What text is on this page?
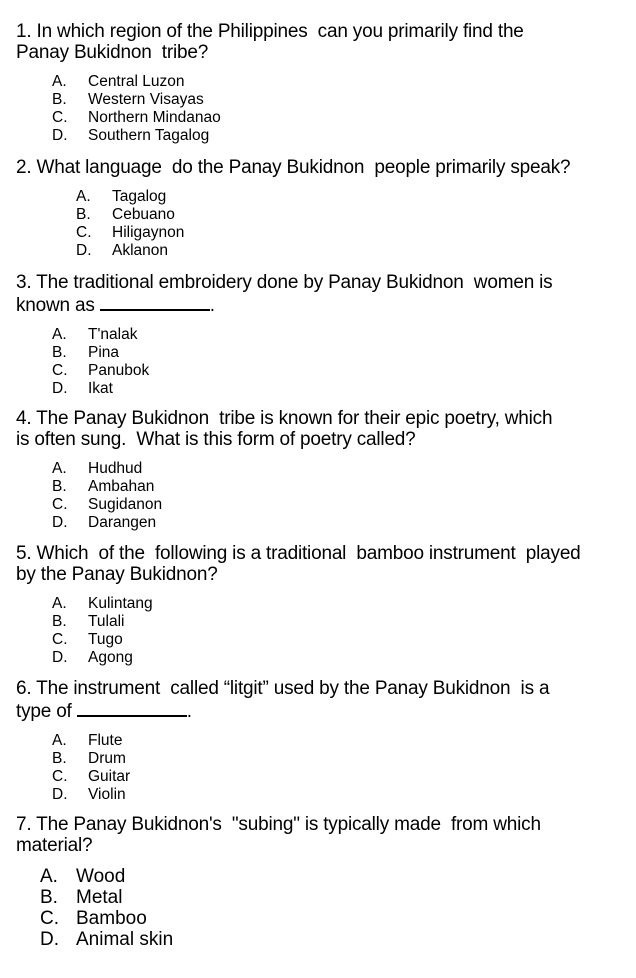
1. In which region of the Philippines  can you primarily find the
Panay Bukidnon  tribe?

A.	Central Luzon
B.	Western Visayas
C.	Northern Mindanao
D.	Southern Tagalog

2. What language  do the Panay Bukidnon  people primarily speak?

A.	Tagalog
B.	Cebuano
C.	Hiligaynon
D.	Aklanon

3. The traditional embroidery done by Panay Bukidnon  women is
known as	.

A.	T'nalak
B.	Pina
C.	Panubok
D.	Ikat

4. The Panay Bukidnon  tribe is known for their epic poetry, which
is often sung.  What is this form of poetry called?

A.	Hudhud
B.	Ambahan
C.	Sugidanon
D.	Darangen

5. Which  of the  following is a traditional  bamboo instrument  played
by the Panay Bukidnon?

A.	Kulintang
B.	Tulali
C.	Tugo
D.	Agong

6. The instrument  called “litgit” used by the Panay Bukidnon  is a
type of	.

A.	Flute
B.	Drum
C.	Guitar
D.	Violin

7. The Panay Bukidnon's  "subing" is typically made  from which
material?

A. Wood
B. Metal
C. Bamboo
D. Animal skin
